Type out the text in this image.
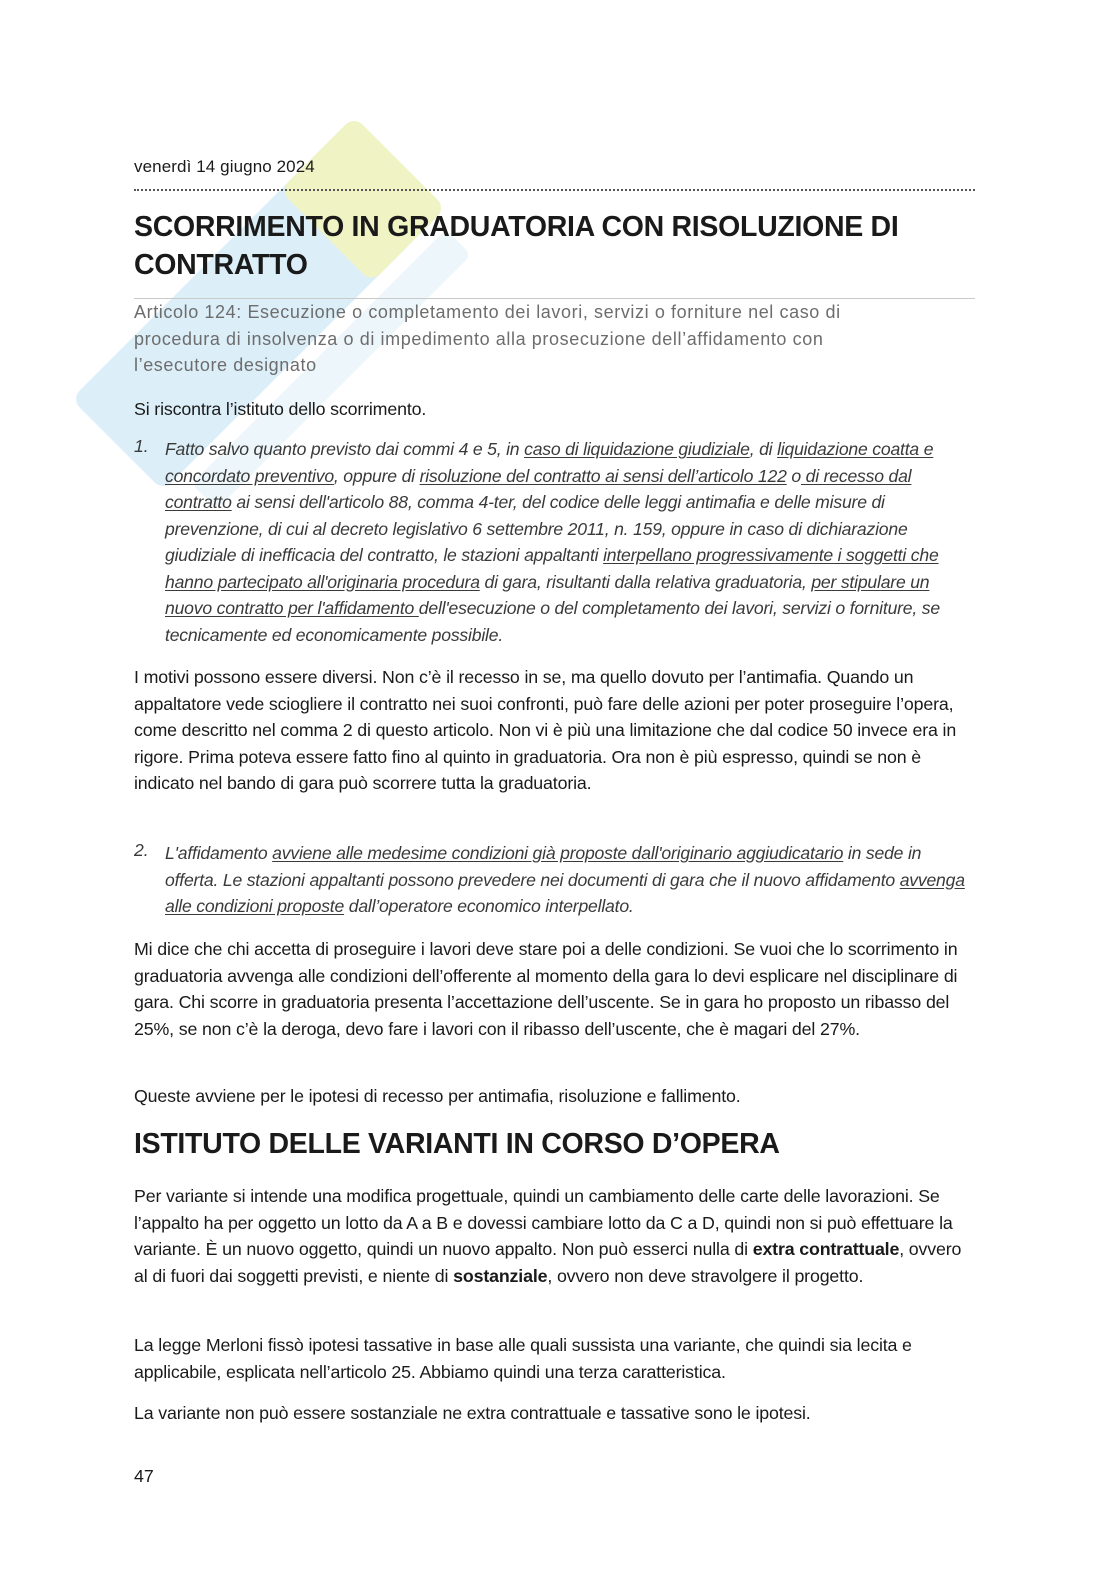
venerdì 14 giugno 2024
SCORRIMENTO IN GRADUATORIA CON RISOLUZIONE DI
CONTRATTO

Articolo 124: Esecuzione o completamento dei lavori, servizi o forniture nel caso di
procedura di insolvenza o di impedimento alla prosecuzione dell’affidamento con
l’esecutore designato

Si riscontra l’istituto dello scorrimento.

1. Fatto salvo quanto previsto dai commi 4 e 5, in caso di liquidazione giudiziale, di liquidazione coatta e concordato preventivo, oppure di risoluzione del contratto ai sensi dell’articolo 122 o di recesso dal contratto ai sensi dell'articolo 88, comma 4-ter, del codice delle leggi antimafia e delle misure di prevenzione, di cui al decreto legislativo 6 settembre 2011, n. 159, oppure in caso di dichiarazione giudiziale di inefficacia del contratto, le stazioni appaltanti interpellano progressivamente i soggetti che hanno partecipato all'originaria procedura di gara, risultanti dalla relativa graduatoria, per stipulare un nuovo contratto per l'affidamento dell'esecuzione o del completamento dei lavori, servizi o forniture, se tecnicamente ed economicamente possibile.

I motivi possono essere diversi. Non c’è il recesso in se, ma quello dovuto per l’antimafia. Quando un appaltatore vede sciogliere il contratto nei suoi confronti, può fare delle azioni per poter proseguire l’opera, come descritto nel comma 2 di questo articolo. Non vi è più una limitazione che dal codice 50 invece era in rigore. Prima poteva essere fatto fino al quinto in graduatoria. Ora non è più espresso, quindi se non è indicato nel bando di gara può scorrere tutta la graduatoria.

2. L'affidamento avviene alle medesime condizioni già proposte dall'originario aggiudicatario in sede in offerta. Le stazioni appaltanti possono prevedere nei documenti di gara che il nuovo affidamento avvenga alle condizioni proposte dall’operatore economico interpellato.

Mi dice che chi accetta di proseguire i lavori deve stare poi a delle condizioni. Se vuoi che lo scorrimento in graduatoria avvenga alle condizioni dell’offerente al momento della gara lo devi esplicare nel disciplinare di gara. Chi scorre in graduatoria presenta l’accettazione dell’uscente. Se in gara ho proposto un ribasso del 25%, se non c’è la deroga, devo fare i lavori con il ribasso dell’uscente, che è magari del 27%.

Queste avviene per le ipotesi di recesso per antimafia, risoluzione e fallimento.

ISTITUTO DELLE VARIANTI IN CORSO D’OPERA

Per variante si intende una modifica progettuale, quindi un cambiamento delle carte delle lavorazioni. Se l’appalto ha per oggetto un lotto da A a B e dovessi cambiare lotto da C a D, quindi non si può effettuare la variante. È un nuovo oggetto, quindi un nuovo appalto. Non può esserci nulla di extra contrattuale, ovvero al di fuori dai soggetti previsti, e niente di sostanziale, ovvero non deve stravolgere il progetto.

La legge Merloni fissò ipotesi tassative in base alle quali sussista una variante, che quindi sia lecita e applicabile, esplicata nell’articolo 25. Abbiamo quindi una terza caratteristica.

La variante non può essere sostanziale ne extra contrattuale e tassative sono le ipotesi.

47
